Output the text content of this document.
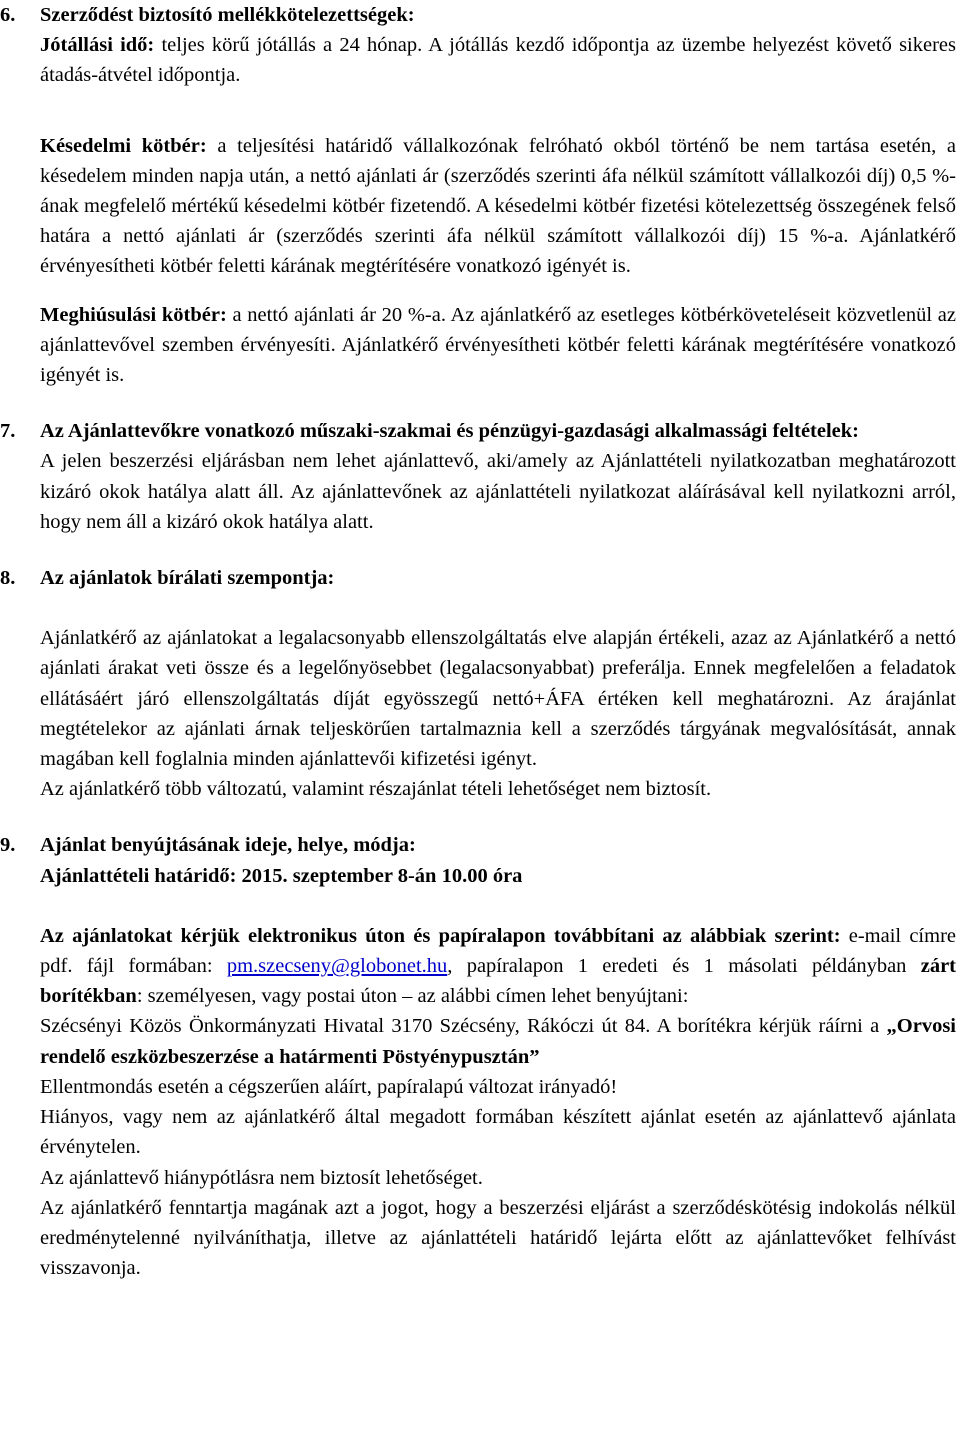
6.	Szerződést biztosító mellékkötelezettségek:

Jótállási idő: teljes körű jótállás a 24 hónap. A jótállás kezdő időpontja az üzembe helyezést követő sikeres átadás-átvétel időpontja.

Késedelmi kötbér: a teljesítési határidő vállalkozónak felróható okból történő be nem tartása esetén, a késedelem minden napja után, a nettó ajánlati ár (szerződés szerinti áfa nélkül számított vállalkozói díj) 0,5 %-ának megfelelő mértékű késedelmi kötbér fizetendő. A késedelmi kötbér fizetési kötelezettség összegének felső határa a nettó ajánlati ár (szerződés szerinti áfa nélkül számított vállalkozói díj) 15 %-a. Ajánlatkérő érvényesítheti kötbér feletti kárának megtérítésére vonatkozó igényét is.

Meghiúsulási kötbér: a nettó ajánlati ár 20 %-a. Az ajánlatkérő az esetleges kötbérköveteléseit közvetlenül az ajánlattevővel szemben érvényesíti. Ajánlatkérő érvényesítheti kötbér feletti kárának megtérítésére vonatkozó igényét is.

7.	Az Ajánlattevőkre vonatkozó műszaki-szakmai és pénzügyi-gazdasági alkalmassági feltételek:

A jelen beszerzési eljárásban nem lehet ajánlattevő, aki/amely az Ajánlattételi nyilatkozatban meghatározott kizáró okok hatálya alatt áll. Az ajánlattevőnek az ajánlattételi nyilatkozat aláírásával kell nyilatkozni arról, hogy nem áll a kizáró okok hatálya alatt.

8.	Az ajánlatok bírálati szempontja:

Ajánlatkérő az ajánlatokat a legalacsonyabb ellenszolgáltatás elve alapján értékeli, azaz az Ajánlatkérő a nettó ajánlati árakat veti össze és a legelőnyösebbet (legalacsonyabbat) preferálja. Ennek megfelelően a feladatok ellátásáért járó ellenszolgáltatás díját egyösszegű nettó+ÁFA értéken kell meghatározni. Az árajánlat megtételekor az ajánlati árnak teljeskörűen tartalmaznia kell a szerződés tárgyának megvalósítását, annak magában kell foglalnia minden ajánlattevői kifizetési igényt.

Az ajánlatkérő több változatú, valamint részajánlat tételi lehetőséget nem biztosít.

9.	Ajánlat benyújtásának ideje, helye, módja:

Ajánlattételi határidő: 2015. szeptember 8-án 10.00 óra

Az ajánlatokat kérjük elektronikus úton és papíralapon továbbítani az alábbiak szerint: e-mail címre pdf. fájl formában: pm.szecseny@globonet.hu, papíralapon 1 eredeti és 1 másolati példányban zárt borítékban: személyesen, vagy postai úton – az alábbi címen lehet benyújtani:

Szécsényi Közös Önkormányzati Hivatal 3170 Szécsény, Rákóczi út 84. A borítékra kérjük ráírni a „Orvosi rendelő eszközbeszerzése a határmenti Pöstyénypusztán”

Ellentmondás esetén a cégszerűen aláírt, papíralapú változat irányadó!

Hiányos, vagy nem az ajánlatkérő által megadott formában készített ajánlat esetén az ajánlattevő ajánlata érvénytelen.

Az ajánlattevő hiánypótlásra nem biztosít lehetőséget.

Az ajánlatkérő fenntartja magának azt a jogot, hogy a beszerzési eljárást a szerződéskötésig indokolás nélkül eredménytelenné nyilváníthatja, illetve az ajánlattételi határidő lejárta előtt az ajánlattevőket felhívást visszavonja.
